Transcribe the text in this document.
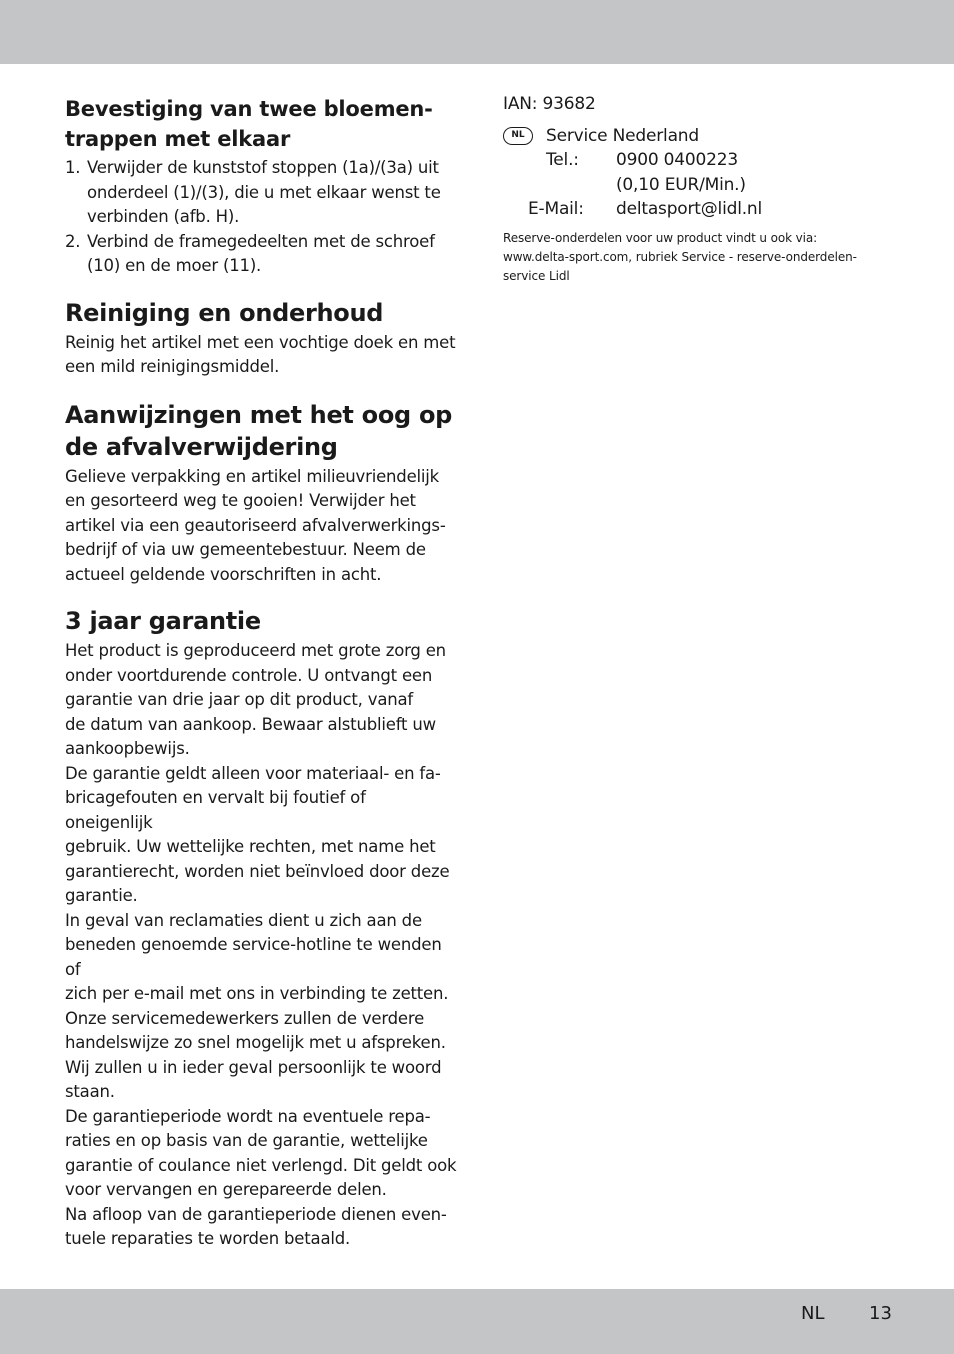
Bevestiging van twee bloemen-
trappen met elkaar
1. Verwijder de kunststof stoppen (1a)/(3a) uit
onderdeel (1)/(3), die u met elkaar wenst te
verbinden (afb. H).
2. Verbind de framegedeelten met de schroef
(10) en de moer (11).
Reiniging en onderhoud

Reinig het artikel met een vochtige doek en met
een mild reinigingsmiddel.

Aanwijzingen met het oog op
de afvalverwijdering

Gelieve verpakking en artikel milieuvriendelijk
en gesorteerd weg te gooien! Verwijder het
artikel via een geautoriseerd afvalverwerkings-
bedrijf of via uw gemeentebestuur. Neem de
actueel geldende voorschriften in acht.

3 jaar garantie

Het product is geproduceerd met grote zorg en
onder voortdurende controle. U ontvangt een
garantie van drie jaar op dit product, vanaf
de datum van aankoop. Bewaar alstublieft uw
aankoopbewijs.
De garantie geldt alleen voor materiaal- en fa-
bricagefouten en vervalt bij foutief of oneigenlijk
gebruik. Uw wettelijke rechten, met name het
garantierecht, worden niet beïnvloed door deze
garantie.
In geval van reclamaties dient u zich aan de
beneden genoemde service-hotline te wenden of
zich per e-mail met ons in verbinding te zetten.
Onze servicemedewerkers zullen de verdere
handelswijze zo snel mogelijk met u afspreken.
Wij zullen u in ieder geval persoonlijk te woord
staan.
De garantieperiode wordt na eventuele repa-
raties en op basis van de garantie, wettelijke
garantie of coulance niet verlengd. Dit geldt ook
voor vervangen en gerepareerde delen.
Na afloop van de garantieperiode dienen even-
tuele reparaties te worden betaald.

IAN: 93682
Service Nederland
Tel.: 0900 0400223
(0,10 EUR/Min.)
E-Mail: deltasport@lidl.nl
Reserve-onderdelen voor uw product vindt u ook via:
www.delta-sport.com, rubriek Service - reserve-onderdelen-
service Lidl
NL
NL 13
